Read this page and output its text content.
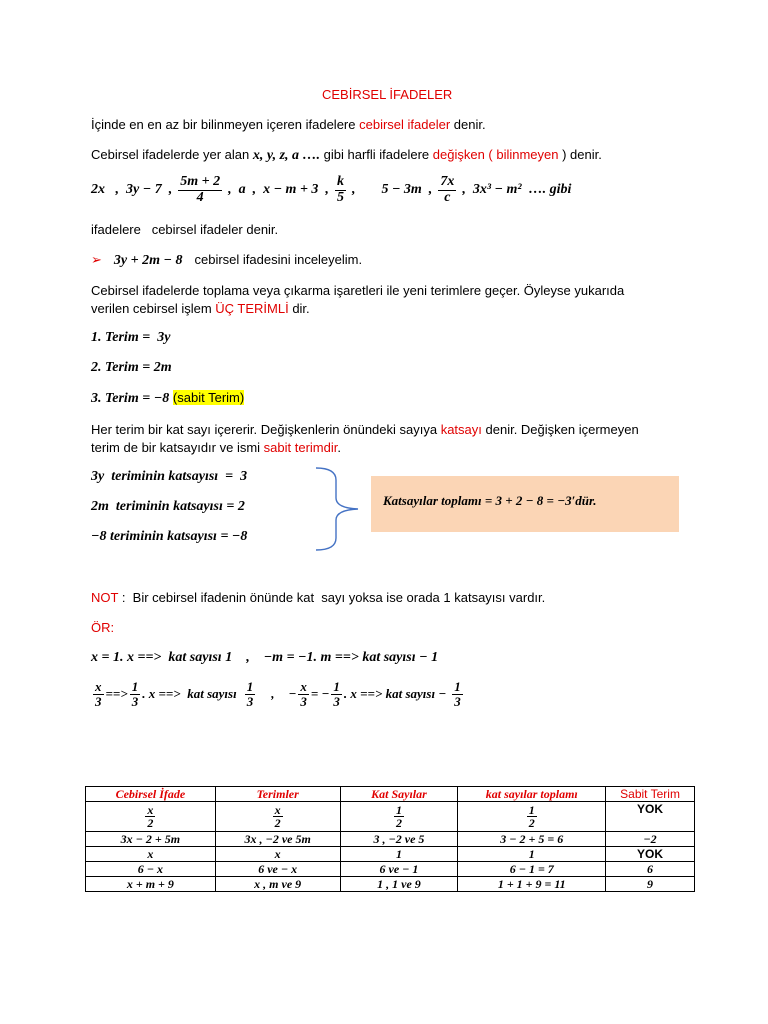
CEBİRSEL İFADELER
İçinde en en az bir bilinmeyen içeren ifadelere cebirsel ifadeler denir.
Cebirsel ifadelerde yer alan x, y, z, a …. gibi harfli ifadelere değişken ( bilinmeyen ) denir.
2x   ,  3y − 7  , $\frac{5m + 2}{4}$ ,  a  ,  x − m + 3  , $\frac{k}{5}$ , 5 − 3m  , $\frac{7x}{c}$ ,  3x³ − m²  …. gibi
ifadelere   cebirsel ifadeler denir.
➢ 3y + 2m − 8 cebirsel ifadesini inceleyelim.
Cebirsel ifadelerde toplama veya çıkarma işaretleri ile yeni terimlere geçer. Öyleyse yukarıda
verilen cebirsel işlem ÜÇ TERİMLİ dir.
1. Terim = 3y
2. Terim = 2m
3. Terim = −8 (sabit Terim)
Her terim bir kat sayı içererir. Değişkenlerin önündeki sayıya katsayı denir. Değişken içermeyen
terim de bir katsayıdır ve ismi sabit terimdir.
3y  teriminin katsayısı  =  3
2m  teriminin katsayısı = 2
−8 teriminin katsayısı = −8
Katsayılar toplamı = 3 + 2 − 8 = −3′dür.
NOT :  Bir cebirsel ifadenin önünde kat  sayı yoksa ise orada 1 katsayısı vardır.
ÖR:
x = 1. x ==>  kat sayısı 1    ,    −m = −1. m ==> kat sayısı − 1
$\frac{x}{3}$ ==> $\frac{1}{3}$ . x ==>  kat sayısı $\frac{1}{3}$ , − $\frac{x}{3}$ = − $\frac{1}{3}$ . x ==> kat sayısı − $\frac{1}{3}$
Cebirsel İfade	Terimler	Kat Sayılar	kat sayılar toplamı	Sabit Terim

$\frac{x}{2}$	$\frac{x}{2}$	$\frac{1}{2}$	$\frac{1}{2}$	YOK
3x − 2 + 5m	3x , −2 ve 5m	3 , −2 ve 5	3 − 2 + 5 = 6	−2
x	x	1	1	YOK
6 − x	6 ve − x	6 ve − 1	6 − 1 = 7	6
x + m + 9	x , m ve 9	1 , 1 ve 9	1 + 1 + 9 = 11	9
